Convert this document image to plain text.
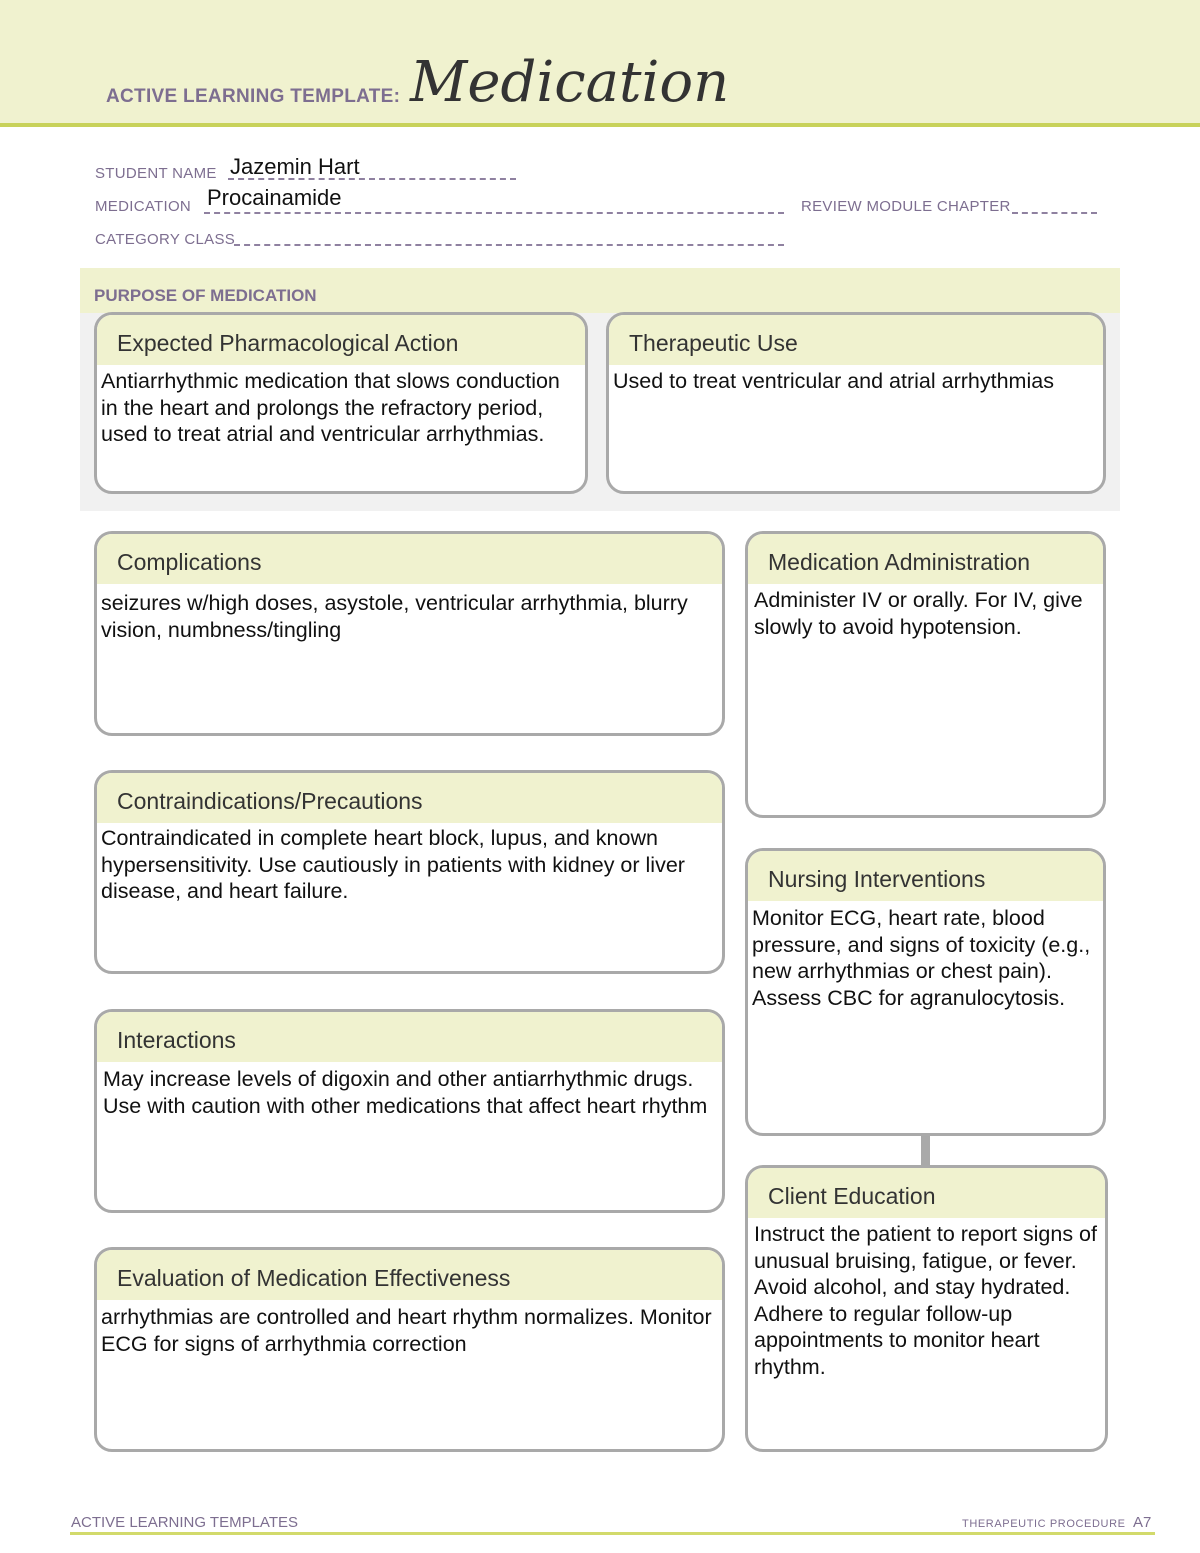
ACTIVE LEARNING TEMPLATE: Medication
STUDENT NAME Jazemin Hart
MEDICATION Procainamide	REVIEW MODULE CHAPTER
CATEGORY CLASS
PURPOSE OF MEDICATION
Expected Pharmacological Action
Antiarrhythmic medication that slows conduction in the heart and prolongs the refractory period, used to treat atrial and ventricular arrhythmias.
Therapeutic Use
Used to treat ventricular and atrial arrhythmias
Complications
seizures w/high doses, asystole, ventricular arrhythmia, blurry
vision, numbness/tingling
Medication Administration
Administer IV or orally. For IV, give slowly to avoid hypotension.
Contraindications/Precautions
Contraindicated in complete heart block, lupus, and known hypersensitivity. Use cautiously in patients with kidney or liver disease, and heart failure.	Nursing Interventions
Monitor ECG, heart rate, blood pressure, and signs of toxicity (e.g., new arrhythmias or chest pain). Assess CBC for agranulocytosis.
Interactions
May increase levels of digoxin and other antiarrhythmic drugs. Use with caution with other medications that affect heart rhythm
Client Education
Instruct the patient to report signs of unusual bruising, fatigue, or fever. Avoid alcohol, and stay hydrated. Adhere to regular follow-up appointments to monitor heart rhythm.
Evaluation of Medication Effectiveness
arrhythmias are controlled and heart rhythm normalizes. Monitor ECG for signs of arrhythmia correction
ACTIVE LEARNING TEMPLATES	THERAPEUTIC PROCEDURE A7
